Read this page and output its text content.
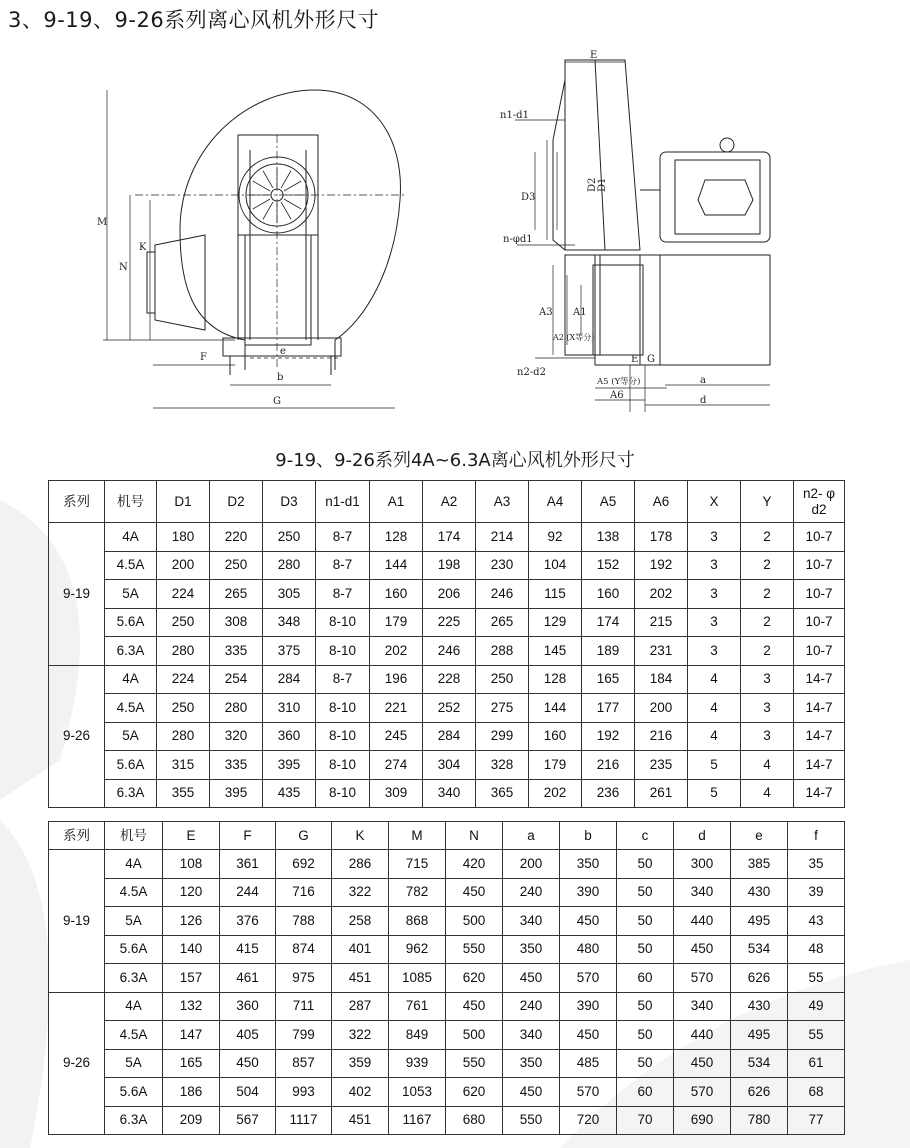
3、9-19、9-26系列离心风机外形尺寸
M
N
K
F
e
b
G
E
n1-d1
D3
D2 D1
n-φd1
A3
A2 (X等分)
A1
n2-d2
E G
A5 (Y等分)
A6
a
d
9-19、9-26系列4A~6.3A离心风机外形尺寸
系列	机号	D1	D2	D3	n1-d1	A1	A2	A3	A4	A5	A6	X	Y	n2- φ d2
9-19	4A	180	220	250	8-7	128	174	214	92	138	178	3	2	10-7
	4.5A	200	250	280	8-7	144	198	230	104	152	192	3	2	10-7
	5A	224	265	305	8-7	160	206	246	115	160	202	3	2	10-7
	5.6A	250	308	348	8-10	179	225	265	129	174	215	3	2	10-7
	6.3A	280	335	375	8-10	202	246	288	145	189	231	3	2	10-7
9-26	4A	224	254	284	8-7	196	228	250	128	165	184	4	3	14-7
	4.5A	250	280	310	8-10	221	252	275	144	177	200	4	3	14-7
	5A	280	320	360	8-10	245	284	299	160	192	216	4	3	14-7
	5.6A	315	335	395	8-10	274	304	328	179	216	235	5	4	14-7
	6.3A	355	395	435	8-10	309	340	365	202	236	261	5	4	14-7
系列	机号	E	F	G	K	M	N	a	b	c	d	e	f
9-19	4A	108	361	692	286	715	420	200	350	50	300	385	35
	4.5A	120	244	716	322	782	450	240	390	50	340	430	39
	5A	126	376	788	258	868	500	340	450	50	440	495	43
	5.6A	140	415	874	401	962	550	350	480	50	450	534	48
	6.3A	157	461	975	451	1085	620	450	570	60	570	626	55
9-26	4A	132	360	711	287	761	450	240	390	50	340	430	49
	4.5A	147	405	799	322	849	500	340	450	50	440	495	55
	5A	165	450	857	359	939	550	350	485	50	450	534	61
	5.6A	186	504	993	402	1053	620	450	570	60	570	626	68
	6.3A	209	567	1117	451	1167	680	550	720	70	690	780	77
